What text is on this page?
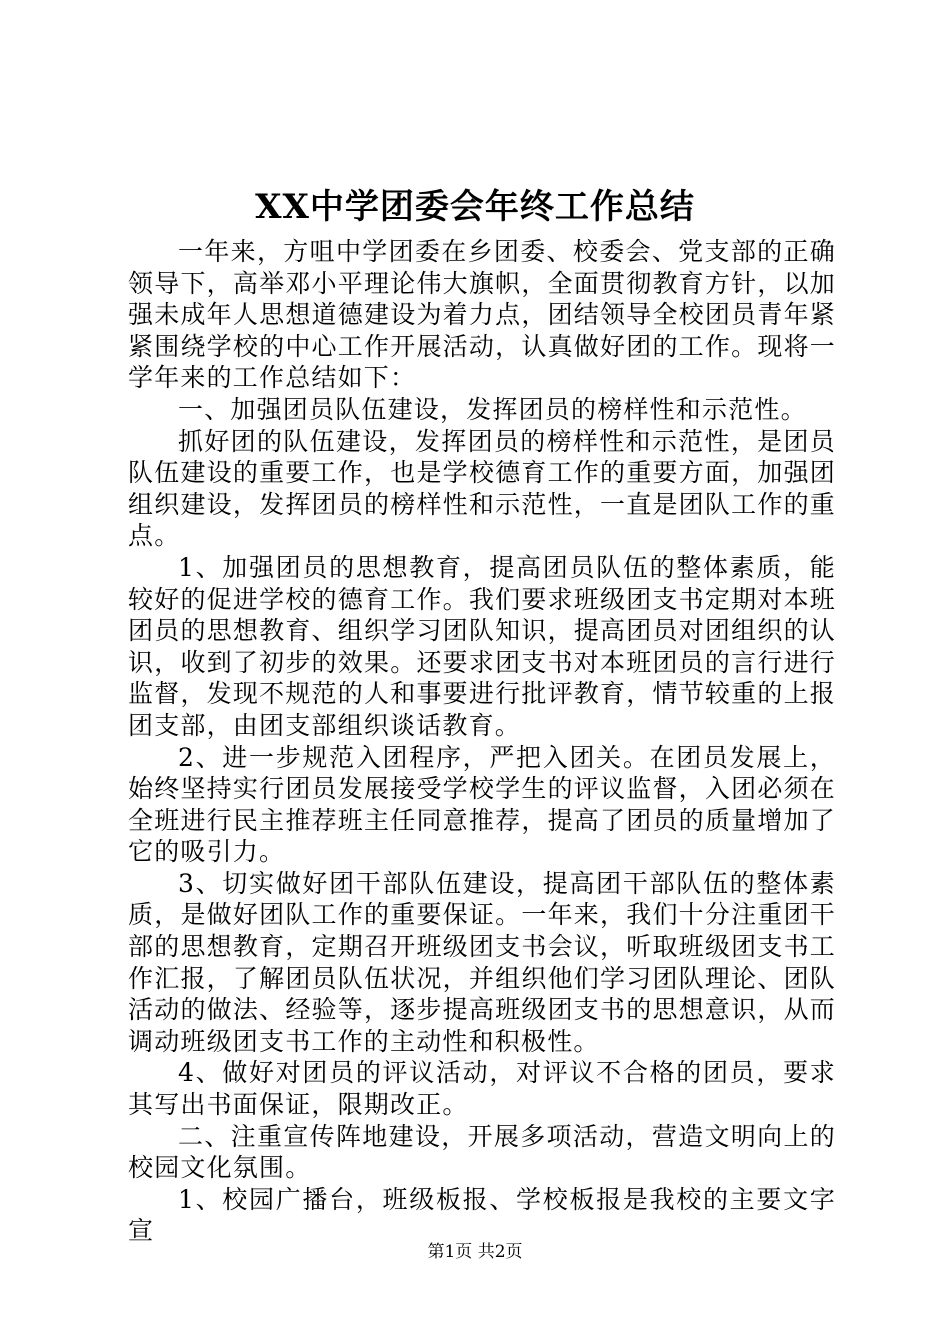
XX中学团委会年终工作总结

一年来，方咀中学团委在乡团委、校委会、党支部的正确领导下，高举邓小平理论伟大旗帜，全面贯彻教育方针，以加强未成年人思想道德建设为着力点，团结领导全校团员青年紧紧围绕学校的中心工作开展活动，认真做好团的工作。现将一学年来的工作总结如下：

一、加强团员队伍建设，发挥团员的榜样性和示范性。

抓好团的队伍建设，发挥团员的榜样性和示范性，是团员队伍建设的重要工作，也是学校德育工作的重要方面，加强团组织建设，发挥团员的榜样性和示范性，一直是团队工作的重点。

1、加强团员的思想教育，提高团员队伍的整体素质，能较好的促进学校的德育工作。我们要求班级团支书定期对本班团员的思想教育、组织学习团队知识，提高团员对团组织的认识，收到了初步的效果。还要求团支书对本班团员的言行进行监督，发现不规范的人和事要进行批评教育，情节较重的上报团支部，由团支部组织谈话教育。

2、进一步规范入团程序，严把入团关。在团员发展上，始终坚持实行团员发展接受学校学生的评议监督，入团必须在全班进行民主推荐班主任同意推荐，提高了团员的质量增加了它的吸引力。

3、切实做好团干部队伍建设，提高团干部队伍的整体素质，是做好团队工作的重要保证。一年来，我们十分注重团干部的思想教育，定期召开班级团支书会议，听取班级团支书工作汇报，了解团员队伍状况，并组织他们学习团队理论、团队活动的做法、经验等，逐步提高班级团支书的思想意识，从而调动班级团支书工作的主动性和积极性。

4、做好对团员的评议活动，对评议不合格的团员，要求其写出书面保证，限期改正。

二、注重宣传阵地建设，开展多项活动，营造文明向上的校园文化氛围。

1、校园广播台，班级板报、学校板报是我校的主要文字宣

第1页 共2页
